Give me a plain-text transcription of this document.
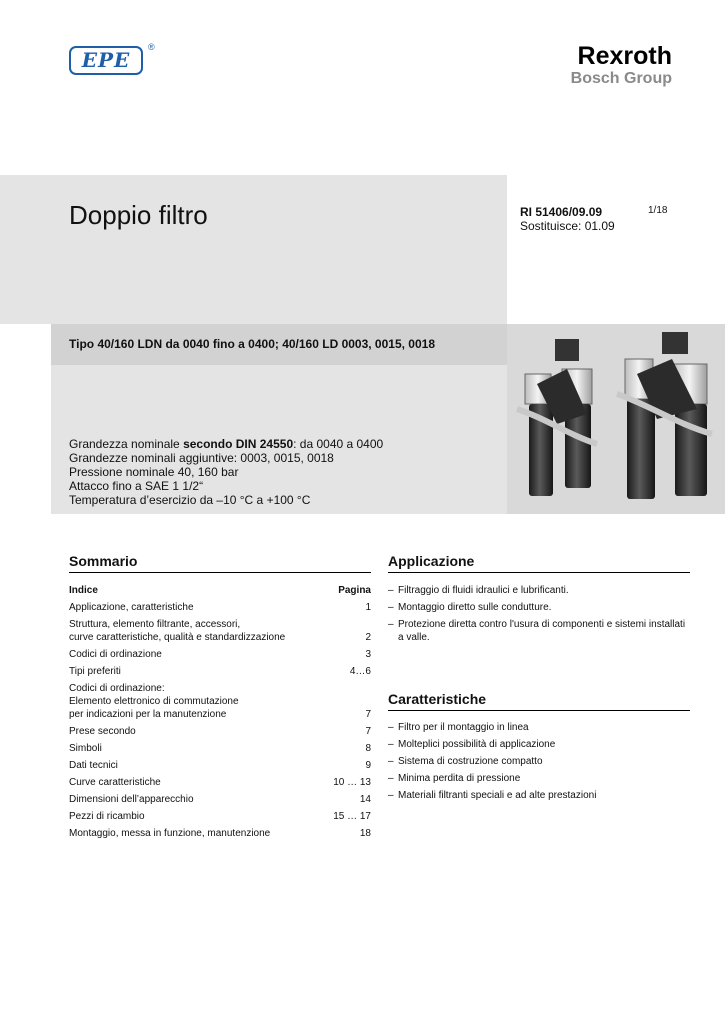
EPE
®	Rexroth
Bosch Group
Doppio filtro	RI 51406/09.09
Sostituisce: 01.09
1/18
Tipo 40/160 LDN da 0040 fino a 0400; 40/160 LD 0003, 0015, 0018
Grandezza nominale secondo DIN 24550: da 0040 a 0400
Grandezze nominali aggiuntive: 0003, 0015, 0018
Pressione nominale 40, 160 bar
Attacco fino a SAE 1 1/2“
Temperatura d’esercizio da –10 °C a +100 °C
Sommario
Indice	Pagina
Applicazione, caratteristiche	1
Struttura, elemento filtrante, accessori,
curve caratteristiche, qualità e standardizzazione	2
Codici di ordinazione	3
Tipi preferiti	4…6
Codici di ordinazione:
Elemento elettronico di commutazione
per indicazioni per la manutenzione	7
Prese secondo	7
Simboli	8
Dati tecnici	9
Curve caratteristiche	10 … 13
Dimensioni dell’apparecchio	14
Pezzi di ricambio	15 … 17
Montaggio, messa in funzione, manutenzione	18
Applicazione
– Filtraggio di fluidi idraulici e lubrificanti.
– Montaggio diretto sulle condutture.
– Protezione diretta contro l'usura di componenti e sistemi installati a valle.
Caratteristiche
– Filtro per il montaggio in linea
– Molteplici possibilità di applicazione
– Sistema di costruzione compatto
– Minima perdita di pressione
– Materiali filtranti speciali e ad alte prestazioni
